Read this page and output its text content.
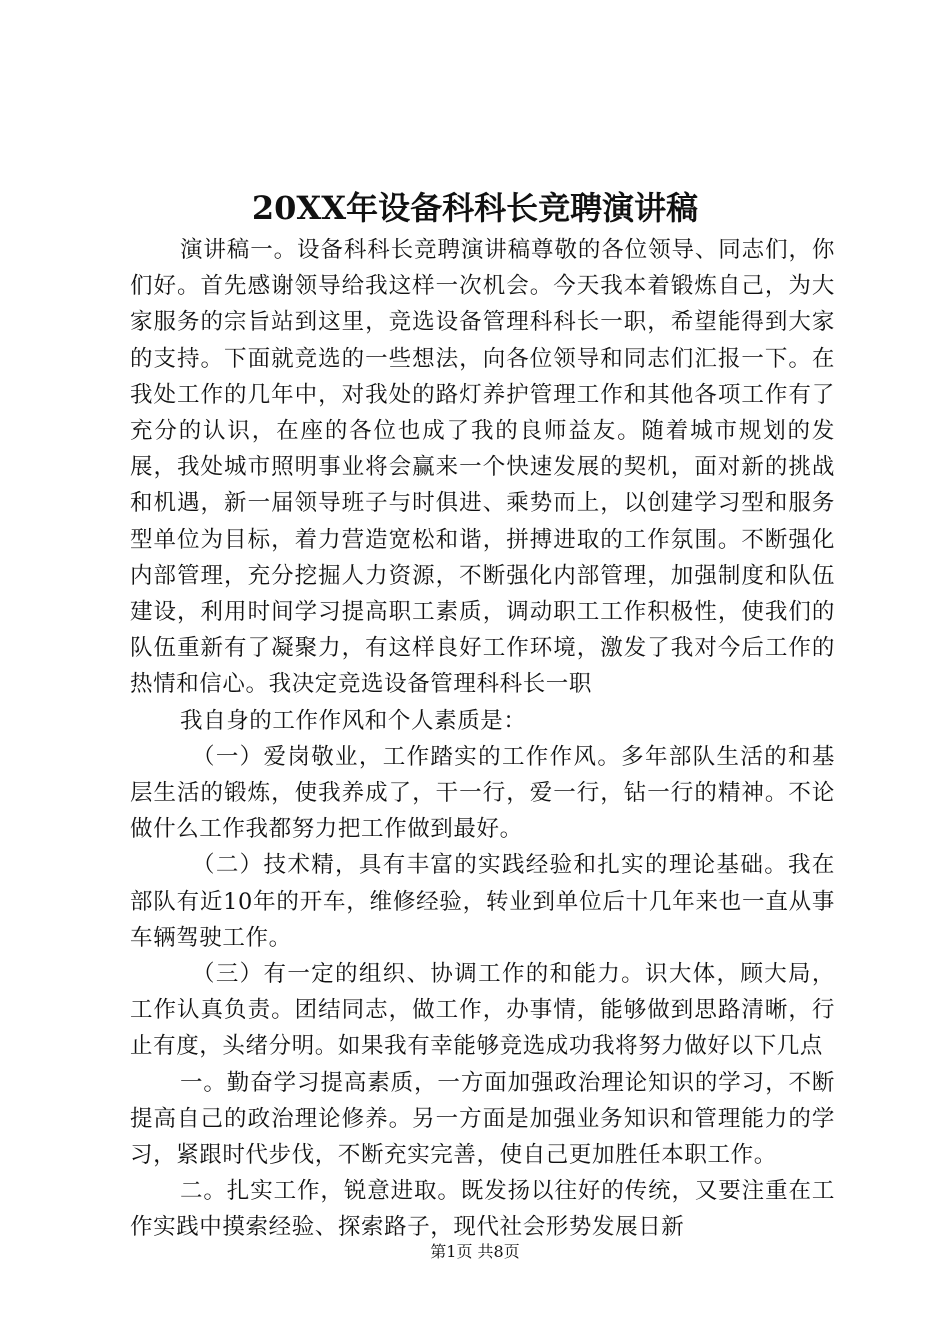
20XX年设备科科长竞聘演讲稿

演讲稿一。设备科科长竞聘演讲稿尊敬的各位领导、同志们，你们好。首先感谢领导给我这样一次机会。今天我本着锻炼自己，为大家服务的宗旨站到这里，竞选设备管理科科长一职，希望能得到大家的支持。下面就竞选的一些想法，向各位领导和同志们汇报一下。在我处工作的几年中，对我处的路灯养护管理工作和其他各项工作有了充分的认识，在座的各位也成了我的良师益友。随着城市规划的发展，我处城市照明事业将会赢来一个快速发展的契机，面对新的挑战和机遇，新一届领导班子与时俱进、乘势而上，以创建学习型和服务型单位为目标，着力营造宽松和谐，拼搏进取的工作氛围。不断强化内部管理，充分挖掘人力资源，不断强化内部管理，加强制度和队伍建设，利用时间学习提高职工素质，调动职工工作积极性，使我们的队伍重新有了凝聚力，有这样良好工作环境，激发了我对今后工作的热情和信心。我决定竞选设备管理科科长一职

我自身的工作作风和个人素质是：

（一）爱岗敬业，工作踏实的工作作风。多年部队生活的和基层生活的锻炼，使我养成了，干一行，爱一行，钻一行的精神。不论做什么工作我都努力把工作做到最好。

（二）技术精，具有丰富的实践经验和扎实的理论基础。我在部队有近10年的开车，维修经验，转业到单位后十几年来也一直从事车辆驾驶工作。

（三）有一定的组织、协调工作的和能力。识大体，顾大局，工作认真负责。团结同志，做工作，办事情，能够做到思路清晰，行止有度，头绪分明。如果我有幸能够竞选成功我将努力做好以下几点

一。勤奋学习提高素质，一方面加强政治理论知识的学习，不断提高自己的政治理论修养。另一方面是加强业务知识和管理能力的学习，紧跟时代步伐，不断充实完善，使自己更加胜任本职工作。

二。扎实工作，锐意进取。既发扬以往好的传统，又要注重在工作实践中摸索经验、探索路子，现代社会形势发展日新

第1页 共8页
